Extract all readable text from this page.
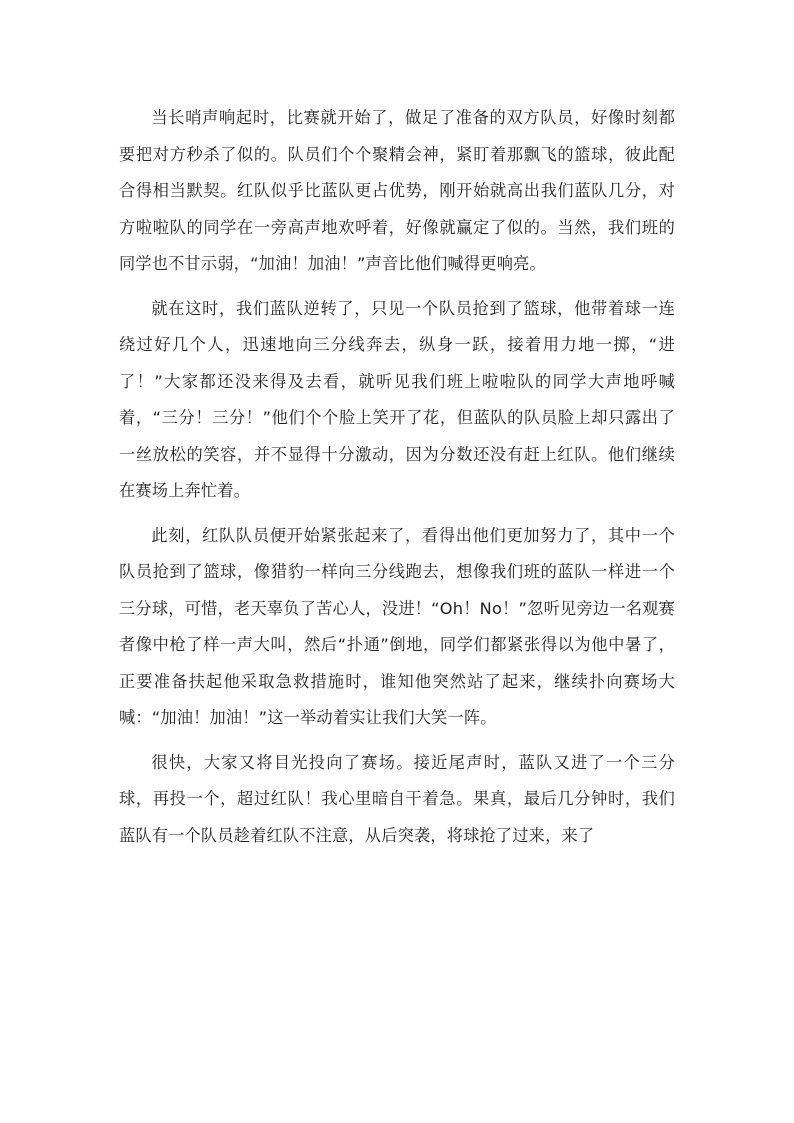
当长哨声响起时，比赛就开始了，做足了准备的双方队员，好像时刻都要把对方秒杀了似的。队员们个个聚精会神，紧盯着那飘飞的篮球，彼此配合得相当默契。红队似乎比蓝队更占优势，刚开始就高出我们蓝队几分，对方啦啦队的同学在一旁高声地欢呼着，好像就赢定了似的。当然，我们班的同学也不甘示弱，“加油！加油！”声音比他们喊得更响亮。

就在这时，我们蓝队逆转了，只见一个队员抢到了篮球，他带着球一连绕过好几个人，迅速地向三分线奔去，纵身一跃，接着用力地一掷，“进了！”大家都还没来得及去看，就听见我们班上啦啦队的同学大声地呼喊着，“三分！三分！”他们个个脸上笑开了花，但蓝队的队员脸上却只露出了一丝放松的笑容，并不显得十分激动，因为分数还没有赶上红队。他们继续在赛场上奔忙着。

此刻，红队队员便开始紧张起来了，看得出他们更加努力了，其中一个队员抢到了篮球，像猎豹一样向三分线跑去，想像我们班的蓝队一样进一个三分球，可惜，老天辜负了苦心人，没进！“Oh！No！”忽听见旁边一名观赛者像中枪了样一声大叫，然后“扑通”倒地，同学们都紧张得以为他中暑了，正要准备扶起他采取急救措施时，谁知他突然站了起来，继续扑向赛场大喊：“加油！加油！”这一举动着实让我们大笑一阵。

很快，大家又将目光投向了赛场。接近尾声时，蓝队又进了一个三分球，再投一个，超过红队！我心里暗自干着急。果真，最后几分钟时，我们蓝队有一个队员趁着红队不注意，从后突袭，将球抢了过来，来了
